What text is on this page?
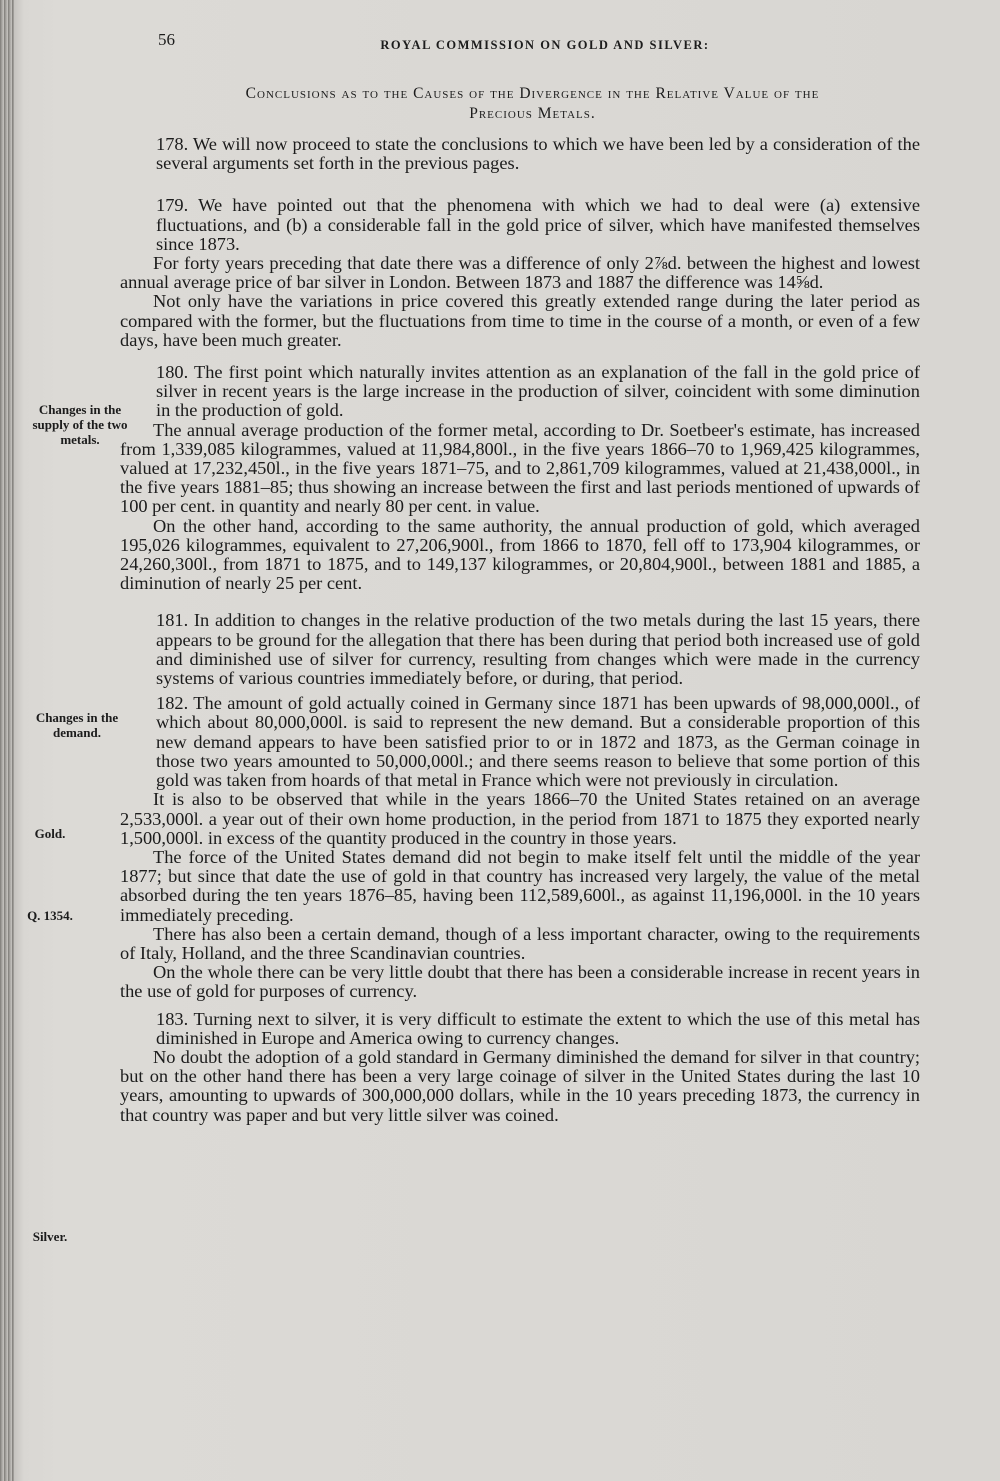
56	ROYAL COMMISSION ON GOLD AND SILVER:
Conclusions as to the Causes of the Divergence in the Relative Value of the
Precious Metals.

178. We will now proceed to state the conclusions to which we have been led by a consideration of the several arguments set forth in the previous pages.

179. We have pointed out that the phenomena with which we had to deal were (a) extensive fluctuations, and (b) a considerable fall in the gold price of silver, which have manifested themselves since 1873.

For forty years preceding that date there was a difference of only 2⅞d. between the highest and lowest annual average price of bar silver in London. Between 1873 and 1887 the difference was 14⅝d.

Not only have the variations in price covered this greatly extended range during the later period as compared with the former, but the fluctuations from time to time in the course of a month, or even of a few days, have been much greater.

180. The first point which naturally invites attention as an explanation of the fall in the gold price of silver in recent years is the large increase in the production of silver, coincident with some diminution in the production of gold.

The annual average production of the former metal, according to Dr. Soetbeer's estimate, has increased from 1,339,085 kilogrammes, valued at 11,984,800l., in the five years 1866–70 to 1,969,425 kilogrammes, valued at 17,232,450l., in the five years 1871–75, and to 2,861,709 kilogrammes, valued at 21,438,000l., in the five years 1881–85; thus showing an increase between the first and last periods mentioned of upwards of 100 per cent. in quantity and nearly 80 per cent. in value.

On the other hand, according to the same authority, the annual production of gold, which averaged 195,026 kilogrammes, equivalent to 27,206,900l., from 1866 to 1870, fell off to 173,904 kilogrammes, or 24,260,300l., from 1871 to 1875, and to 149,137 kilogrammes, or 20,804,900l., between 1881 and 1885, a diminution of nearly 25 per cent.

181. In addition to changes in the relative production of the two metals during the last 15 years, there appears to be ground for the allegation that there has been during that period both increased use of gold and diminished use of silver for currency, resulting from changes which were made in the currency systems of various countries immediately before, or during, that period.

182. The amount of gold actually coined in Germany since 1871 has been upwards of 98,000,000l., of which about 80,000,000l. is said to represent the new demand. But a considerable proportion of this new demand appears to have been satisfied prior to or in 1872 and 1873, as the German coinage in those two years amounted to 50,000,000l.; and there seems reason to believe that some portion of this gold was taken from hoards of that metal in France which were not previously in circulation.

It is also to be observed that while in the years 1866–70 the United States retained on an average 2,533,000l. a year out of their own home production, in the period from 1871 to 1875 they exported nearly 1,500,000l. in excess of the quantity produced in the country in those years.

The force of the United States demand did not begin to make itself felt until the middle of the year 1877; but since that date the use of gold in that country has increased very largely, the value of the metal absorbed during the ten years 1876–85, having been 112,589,600l., as against 11,196,000l. in the 10 years immediately preceding.

There has also been a certain demand, though of a less important character, owing to the requirements of Italy, Holland, and the three Scandinavian countries.

On the whole there can be very little doubt that there has been a considerable increase in recent years in the use of gold for purposes of currency.

183. Turning next to silver, it is very difficult to estimate the extent to which the use of this metal has diminished in Europe and America owing to currency changes.

No doubt the adoption of a gold standard in Germany diminished the demand for silver in that country; but on the other hand there has been a very large coinage of silver in the United States during the last 10 years, amounting to upwards of 300,000,000 dollars, while in the 10 years preceding 1873, the currency in that country was paper and but very little silver was coined.

Changes in the supply of the two metals.
Changes in the demand.
Gold.
Q. 1354.
Silver.
